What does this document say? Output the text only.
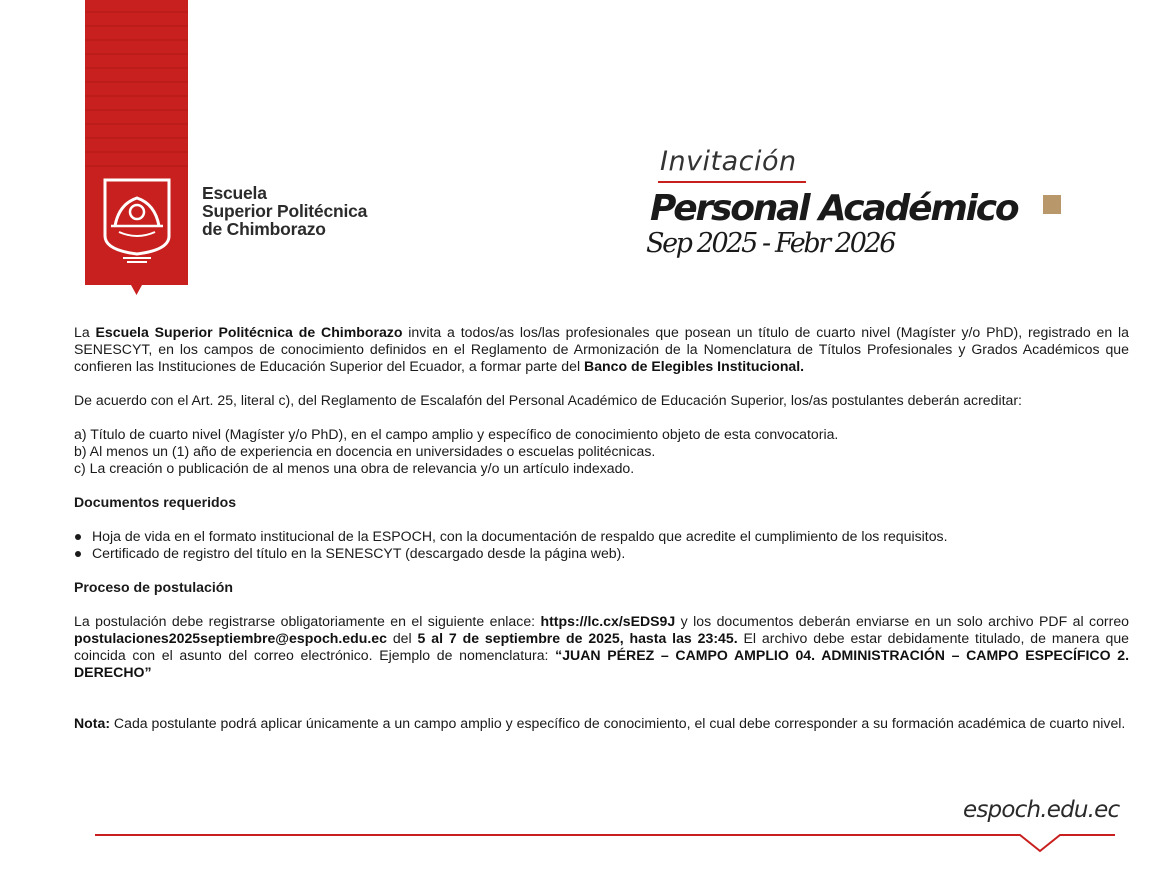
Escuela
Superior Politécnica
de Chimborazo
Invitación
Personal Académico
Sep 2025 - Febr 2026

La Escuela Superior Politécnica de Chimborazo invita a todos/as los/las profesionales que posean un título de cuarto nivel (Magíster y/o PhD), registrado en la SENESCYT, en los campos de conocimiento definidos en el Reglamento de Armonización de la Nomenclatura de Títulos Profesionales y Grados Académicos que confieren las Instituciones de Educación Superior del Ecuador, a formar parte del Banco de Elegibles Institucional.

De acuerdo con el Art. 25, literal c), del Reglamento de Escalafón del Personal Académico de Educación Superior, los/as postulantes deberán acreditar:

a) Título de cuarto nivel (Magíster y/o PhD), en el campo amplio y específico de conocimiento objeto de esta convocatoria.
b) Al menos un (1) año de experiencia en docencia en universidades o escuelas politécnicas.
c) La creación o publicación de al menos una obra de relevancia y/o un artículo indexado.

Documentos requeridos

Hoja de vida en el formato institucional de la ESPOCH, con la documentación de respaldo que acredite el cumplimiento de los requisitos.
Certificado de registro del título en la SENESCYT (descargado desde la página web).

Proceso de postulación

La postulación debe registrarse obligatoriamente en el siguiente enlace: https://lc.cx/sEDS9J y los documentos deberán enviarse en un solo archivo PDF al correo postulaciones2025septiembre@espoch.edu.ec del 5 al 7 de septiembre de 2025, hasta las 23:45. El archivo debe estar debidamente titulado, de manera que coincida con el asunto del correo electrónico. Ejemplo de nomenclatura: “JUAN PÉREZ – CAMPO AMPLIO 04. ADMINISTRACIÓN – CAMPO ESPECÍFICO 2. DERECHO”

Nota: Cada postulante podrá aplicar únicamente a un campo amplio y específico de conocimiento, el cual debe corresponder a su formación académica de cuarto nivel.

espoch.edu.ec
